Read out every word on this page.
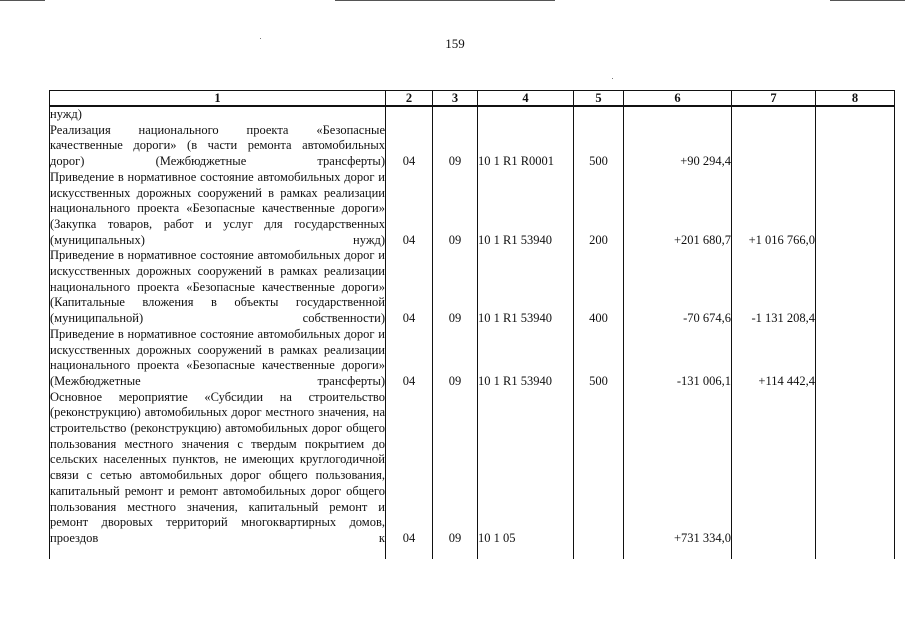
159
1	2	3	4	5	6	7	8
нужд)							
Реализация национального проекта «Безопасные качественные дороги» (в части ремонта автомобильных дорог) (Межбюджетные трансферты)	04	09	10 1 R1 R0001	500	+90 294,4		
Приведение в нормативное состояние автомобильных дорог и искусственных дорожных сооружений в рамках реализации национального проекта «Безопасные качественные дороги» (Закупка товаров, работ и услуг для государственных (муниципальных) нужд)	04	09	10 1 R1 53940	200	+201 680,7	+1 016 766,0	
Приведение в нормативное состояние автомобильных дорог и искусственных дорожных сооружений в рамках реализации национального проекта «Безопасные качественные дороги» (Капитальные вложения в объекты государственной (муниципальной) собственности)	04	09	10 1 R1 53940	400	-70 674,6	-1 131 208,4	
Приведение в нормативное состояние автомобильных дорог и искусственных дорожных сооружений в рамках реализации национального проекта «Безопасные качественные дороги» (Межбюджетные трансферты)	04	09	10 1 R1 53940	500	-131 006,1	+114 442,4	
Основное мероприятие «Субсидии на строительство (реконструкцию) автомобильных дорог местного значения, на строительство (реконструкцию) автомобильных дорог общего пользования местного значения с твердым покрытием до сельских населенных пунктов, не имеющих круглогодичной связи с сетью автомобильных дорог общего пользования, капитальный ремонт и ремонт автомобильных дорог общего пользования местного значения, капитальный ремонт и ремонт дворовых территорий многоквартирных домов, проездов к	04	09	10 1 05		+731 334,0		
